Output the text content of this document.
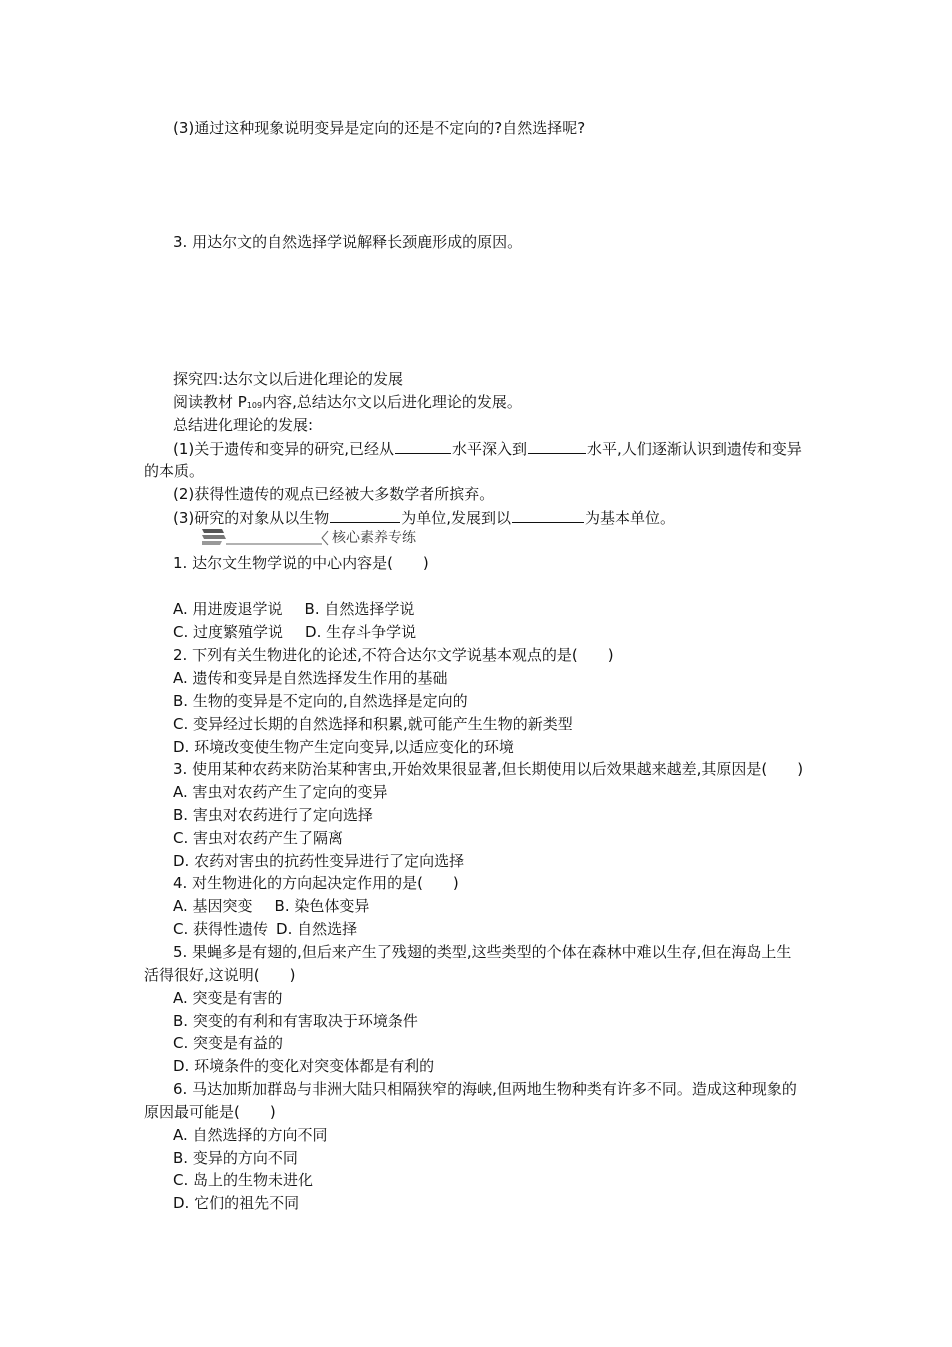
(3)通过这种现象说明变异是定向的还是不定向的?自然选择呢?
3. 用达尔文的自然选择学说解释长颈鹿形成的原因。
探究四:达尔文以后进化理论的发展
阅读教材 P109内容,总结达尔文以后进化理论的发展。
总结进化理论的发展:
(1)关于遗传和变异的研究,已经从	水平深入到	水平,人们逐渐认识到遗传和变异
的本质。
(2)获得性遗传的观点已经被大多数学者所摈弃。
(3)研究的对象从以生物	为单位,发展到以	为基本单位。
核心素养专练
1. 达尔文生物学说的中心内容是(　　)
A. 用进废退学说 B. 自然选择学说
C. 过度繁殖学说 D. 生存斗争学说
2. 下列有关生物进化的论述,不符合达尔文学说基本观点的是(　　)
A. 遗传和变异是自然选择发生作用的基础
B. 生物的变异是不定向的,自然选择是定向的
C. 变异经过长期的自然选择和积累,就可能产生生物的新类型
D. 环境改变使生物产生定向变异,以适应变化的环境
3. 使用某种农药来防治某种害虫,开始效果很显著,但长期使用以后效果越来越差,其原因是(　　)
A. 害虫对农药产生了定向的变异
B. 害虫对农药进行了定向选择
C. 害虫对农药产生了隔离
D. 农药对害虫的抗药性变异进行了定向选择
4. 对生物进化的方向起决定作用的是(　　)
A. 基因突变 B. 染色体变异
C. 获得性遗传 D. 自然选择
5. 果蝇多是有翅的,但后来产生了残翅的类型,这些类型的个体在森林中难以生存,但在海岛上生
活得很好,这说明(　　)
A. 突变是有害的
B. 突变的有利和有害取决于环境条件
C. 突变是有益的
D. 环境条件的变化对突变体都是有利的
6. 马达加斯加群岛与非洲大陆只相隔狭窄的海峡,但两地生物种类有许多不同。造成这种现象的
原因最可能是(　　)
A. 自然选择的方向不同
B. 变异的方向不同
C. 岛上的生物未进化
D. 它们的祖先不同
